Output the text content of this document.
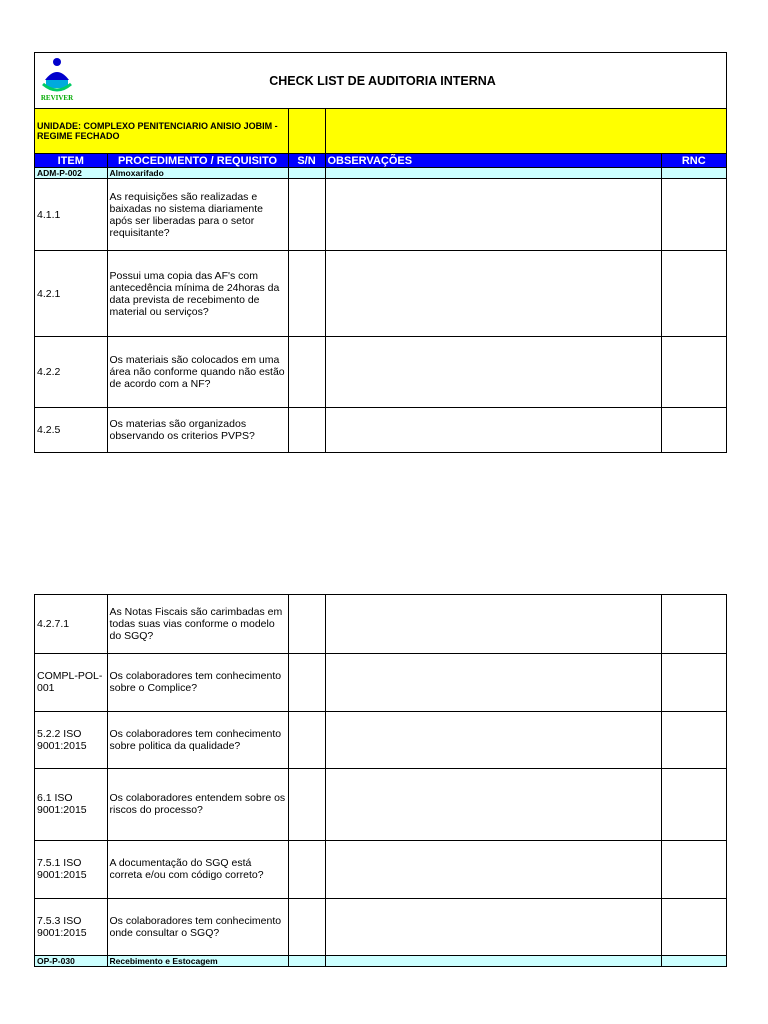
REVIVER	CHECK LIST DE AUDITORIA INTERNA			
UNIDADE: COMPLEXO PENITENCIARIO ANISIO JOBIM - REGIME FECHADO				
ITEM	PROCEDIMENTO / REQUISITO	S/N	OBSERVAÇÕES	RNC
ADM-P-002	Almoxarifado			
4.1.1	As requisições são realizadas e baixadas no sistema diariamente após ser liberadas para o setor requisitante?			
4.2.1	Possui uma copia das AF's com antecedência mínima de 24horas da data prevista de recebimento de material ou serviços?			
4.2.2	Os materiais são colocados em uma área não conforme quando não estão de acordo com a NF?			
4.2.5	Os materias são organizados observando os criterios PVPS?			
4.2.7.1	As Notas Fiscais são carimbadas em todas suas vias conforme o modelo do SGQ?			
COMPL-POL-001	Os colaboradores tem conhecimento sobre o Complice?			
5.2.2 ISO 9001:2015	Os colaboradores tem conhecimento sobre politica da qualidade?			
6.1 ISO 9001:2015	Os colaboradores entendem sobre os riscos do processo?			
7.5.1 ISO 9001:2015	A documentação do SGQ está correta e/ou com código correto?			
7.5.3 ISO 9001:2015	Os colaboradores tem conhecimento onde consultar o SGQ?			
OP-P-030	Recebimento e Estocagem			
